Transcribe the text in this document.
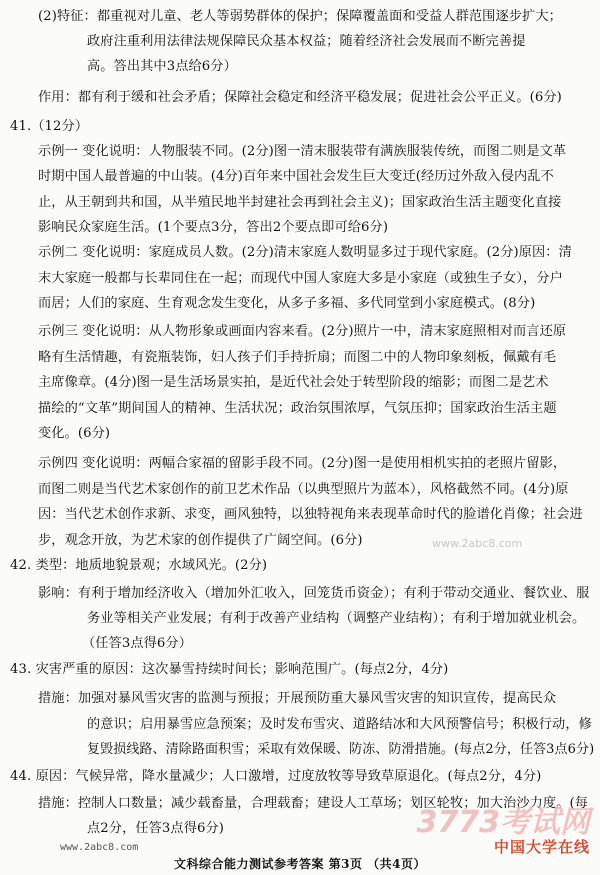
(2)特征：都重视对儿童、老人等弱势群体的保护；保障覆盖面和受益人群范围逐步扩大；
政府注重利用法律法规保障民众基本权益；随着经济社会发展而不断完善提
高。答出其中3点给6分）
作用：都有利于缓和社会矛盾；保障社会稳定和经济平稳发展；促进社会公平正义。(6分)
41.（12分）
示例一 变化说明：人物服装不同。(2分)图一清末服装带有满族服装传统，而图二则是文革
时期中国人最普遍的中山装。(4分)百年来中国社会发生巨大变迁(经历过外敌入侵内乱不
止，从王朝到共和国，从半殖民地半封建社会再到社会主义)；国家政治生活主题变化直接
影响民众家庭生活。(1个要点3分，答出2个要点即可给6分)
示例二 变化说明：家庭成员人数。(2分)清末家庭人数明显多过于现代家庭。(2分)原因：清
末大家庭一般都与长辈同住在一起；而现代中国人家庭大多是小家庭（或独生子女），分户
而居；人们的家庭、生育观念发生变化，从多子多福、多代同堂到小家庭模式。(8分)
示例三 变化说明：从人物形象或画面内容来看。(2分)照片一中，清末家庭照相对而言还原
略有生活情趣，有瓷瓶装饰，妇人孩子们手持折扇；而图二中的人物印象刻板，佩戴有毛
主席像章。(4分)图一是生活场景实拍，是近代社会处于转型阶段的缩影；而图二是艺术
描绘的“文革”期间国人的精神、生活状况；政治氛围浓厚，气氛压抑；国家政治生活主题
变化。(6分)
示例四 变化说明：两幅合家福的留影手段不同。(2分)图一是使用相机实拍的老照片留影，
而图二则是当代艺术家创作的前卫艺术作品（以典型照片为蓝本），风格截然不同。(4分)原
因：当代艺术创作求新、求变，画风独特，以独特视角来表现革命时代的脸谱化肖像；社会进
步，观念开放，为艺术家的创作提供了广阔空间。(6分)
42. 类型：地质地貌景观；水域风光。(2分)
影响：有利于增加经济收入（增加外汇收入，回笼货币资金）；有利于带动交通业、餐饮业、服
务业等相关产业发展；有利于改善产业结构（调整产业结构）；有利于增加就业机会。
（任答3点得6分）
43. 灾害严重的原因：这次暴雪持续时间长；影响范围广。(每点2分，4分)
措施：加强对暴风雪灾害的监测与预报；开展预防重大暴风雪灾害的知识宣传，提高民众
的意识；启用暴雪应急预案；及时发布雪灾、道路结冰和大风预警信号；积极行动，修
复毁损线路、清除路面积雪；采取有效保暖、防冻、防滑措施。(每点2分，任答3点6分)
44. 原因：气候异常，降水量减少；人口激增，过度放牧等导致草原退化。(每点2分，4分)
措施：控制人口数量；减少载畜量，合理载畜；建设人工草场；划区轮牧；加大治沙力度。(每
点2分，任答3点得6分)
www.2abc8.com
www.2abc8.com
3773考试网
中国大学在线
文科综合能力测试参考答案 第3页 （共4页）
